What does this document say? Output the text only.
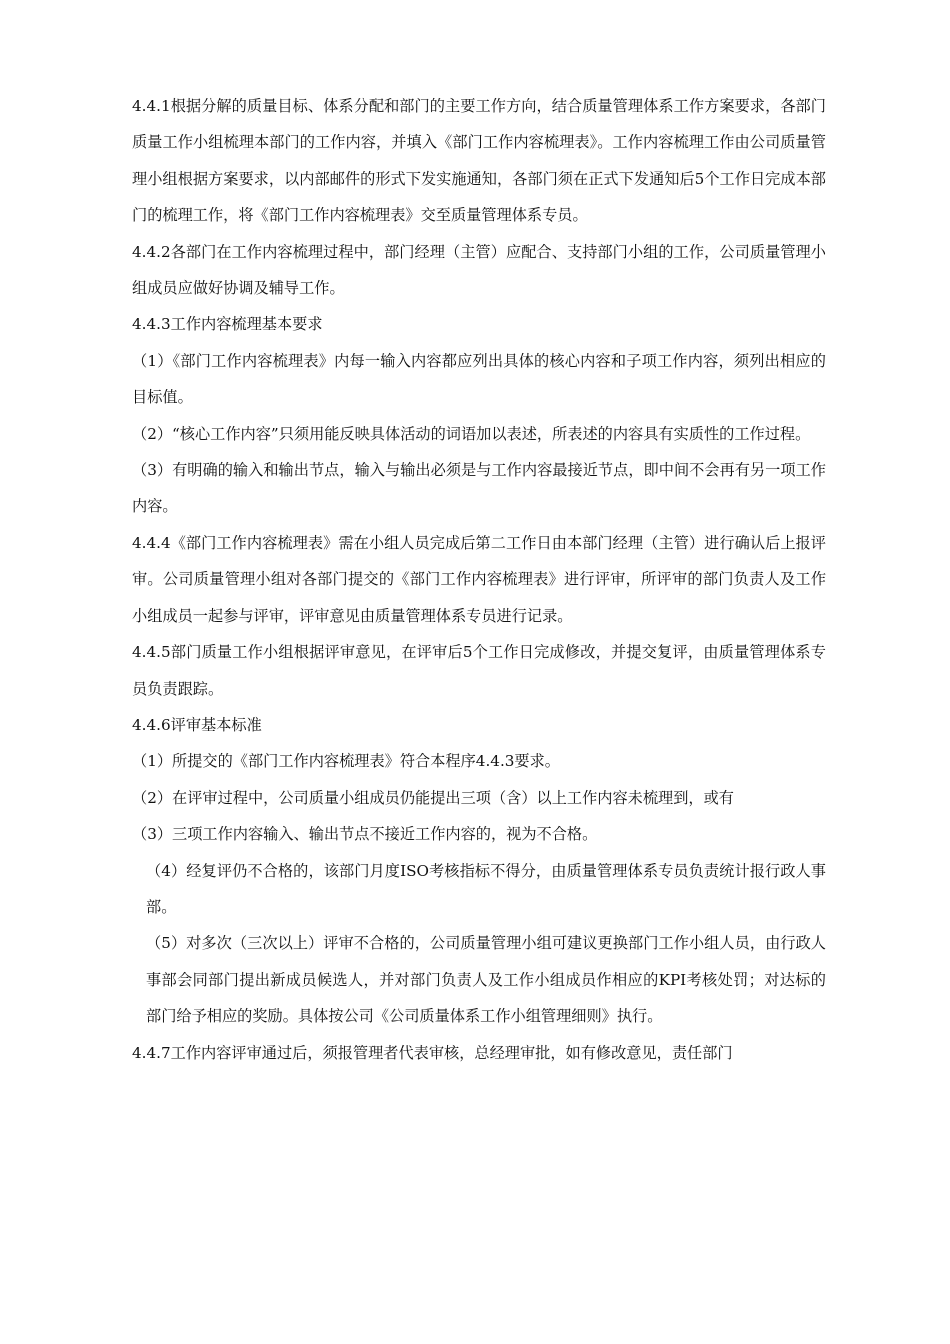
4.4.1根据分解的质量目标、体系分配和部门的主要工作方向，结合质量管理体系工作方案要求，各部门质量工作小组梳理本部门的工作内容，并填入《部门工作内容梳理表》。工作内容梳理工作由公司质量管理小组根据方案要求，以内部邮件的形式下发实施通知，各部门须在正式下发通知后5个工作日完成本部门的梳理工作，将《部门工作内容梳理表》交至质量管理体系专员。

4.4.2各部门在工作内容梳理过程中，部门经理（主管）应配合、支持部门小组的工作，公司质量管理小组成员应做好协调及辅导工作。

4.4.3工作内容梳理基本要求

（1）《部门工作内容梳理表》内每一输入内容都应列出具体的核心内容和子项工作内容，须列出相应的目标值。

（2）“核心工作内容”只须用能反映具体活动的词语加以表述，所表述的内容具有实质性的工作过程。

（3）有明确的输入和输出节点，输入与输出必须是与工作内容最接近节点，即中间不会再有另一项工作内容。

4.4.4《部门工作内容梳理表》需在小组人员完成后第二工作日由本部门经理（主管）进行确认后上报评审。公司质量管理小组对各部门提交的《部门工作内容梳理表》进行评审，所评审的部门负责人及工作小组成员一起参与评审，评审意见由质量管理体系专员进行记录。

4.4.5部门质量工作小组根据评审意见，在评审后5个工作日完成修改，并提交复评，由质量管理体系专员负责跟踪。

4.4.6评审基本标准

（1）所提交的《部门工作内容梳理表》符合本程序4.4.3要求。

（2）在评审过程中，公司质量小组成员仍能提出三项（含）以上工作内容未梳理到，或有

（3）三项工作内容输入、输出节点不接近工作内容的，视为不合格。

（4）经复评仍不合格的，该部门月度ISO考核指标不得分，由质量管理体系专员负责统计报行政人事部。

（5）对多次（三次以上）评审不合格的，公司质量管理小组可建议更换部门工作小组人员，由行政人事部会同部门提出新成员候选人，并对部门负责人及工作小组成员作相应的KPI考核处罚；对达标的部门给予相应的奖励。具体按公司《公司质量体系工作小组管理细则》执行。

4.4.7工作内容评审通过后，须报管理者代表审核，总经理审批，如有修改意见，责任部门
